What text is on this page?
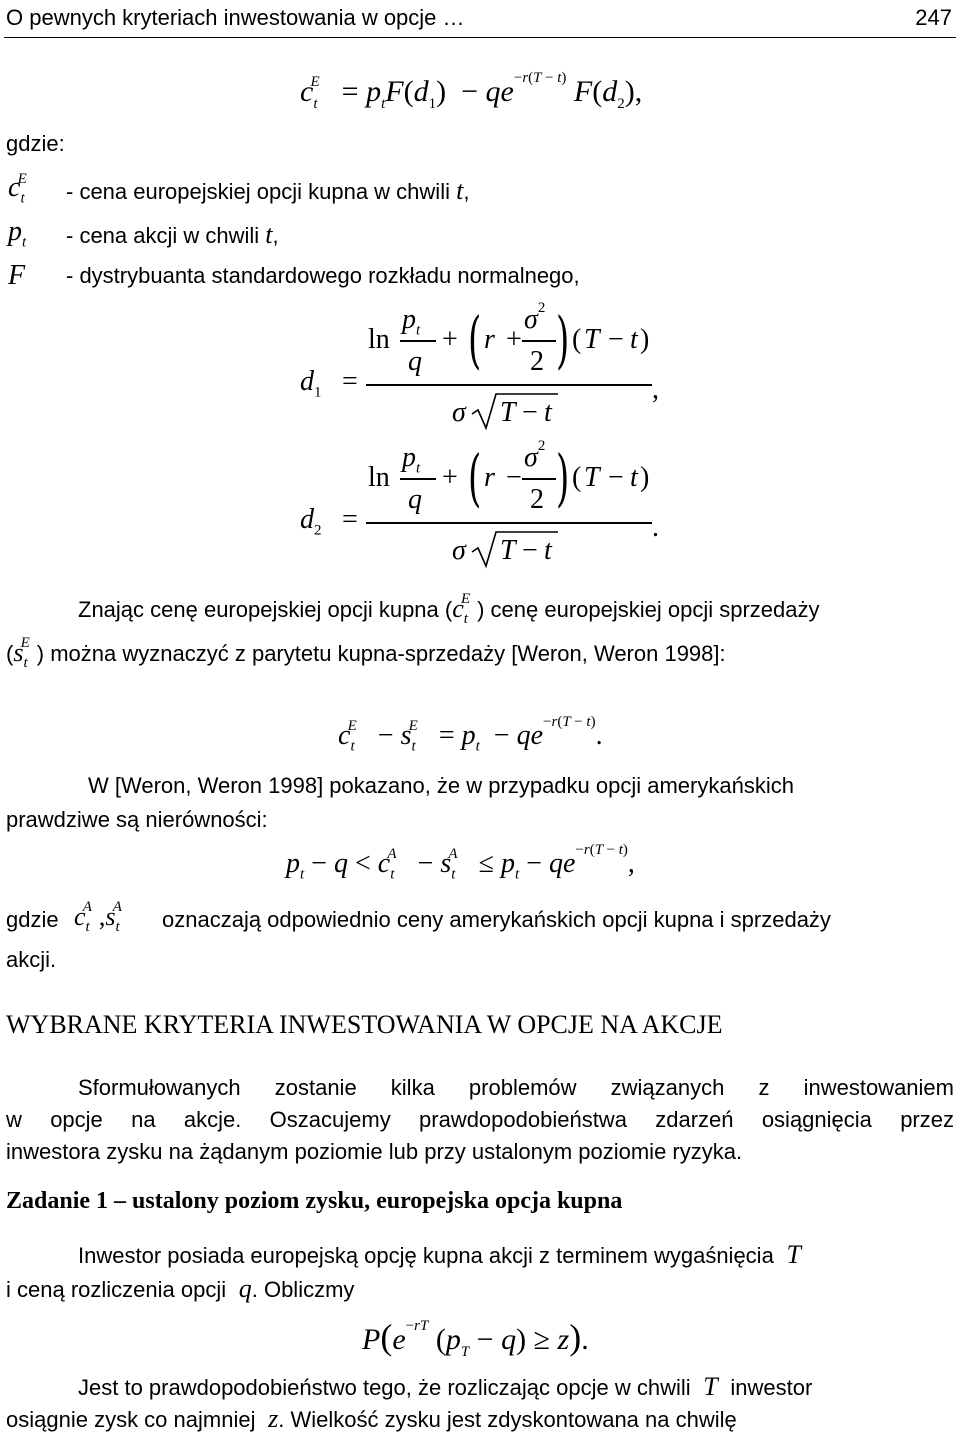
O pewnych kryteriach inwestowania w opcje …	247
$c_t^E = p_tF(d_1) - qe^{-r(T - t)}$ $F(d_2)$,
gdzie:
$c_t^E$
- cena europejskiej opcji kupna w chwili t,
$p_t$ - cena akcji w chwili t,
F - dystrybuanta standardowego rozkładu normalnego,
$d_1$ =
ln
$p_t$
q
+ ( r +
$\sigma^2$
2 ) ( T − t )
,
σ T − t
$d_2$ =
ln
$p_t$
q
+ ( r −
$\sigma^2$
2 ) ( T − t )
.
σ T − t
Znając cenę europejskiej opcji kupna ($c_t^E$ ) cenę europejskiej opcji sprzedaży
($s_t^E$ ) można wyznaczyć z parytetu kupna-sprzedaży [Weron, Weron 1998]:
$c_t^E - s_t^E = p_t - qe^{-r(T - t)}$.
W [Weron, Weron 1998] pokazano, że w przypadku opcji amerykańskich
prawdziwe są nierówności:
$p_t - q < c_t^A - s_t^A \le p_t - qe^{-r(T - t)}$,
gdzie $c_t^A$ $,s_t^A$	oznaczają odpowiednio ceny amerykańskich opcji kupna i sprzedaży
akcji.
WYBRANE KRYTERIA INWESTOWANIA W OPCJE NA AKCJE
Sformułowanych zostanie kilka problemów związanych z inwestowaniem
w opcje na akcje. Oszacujemy prawdopodobieństwa zdarzeń osiągnięcia przez
inwestora zysku na żądanym poziomie lub przy ustalonym poziomie ryzyka.
Zadanie 1 – ustalony poziom zysku, europejska opcja kupna
Inwestor posiada europejską opcję kupna akcji z terminem wygaśnięcia  T
i ceną rozliczenia opcji  q. Obliczmy
$P(e^{-rT}$ $(p_T - q) \ge z$).
Jest to prawdopodobieństwo tego, że rozliczając opcje w chwili  T  inwestor
osiągnie zysk co najmniej  z. Wielkość zysku jest zdyskontowana na chwilę
